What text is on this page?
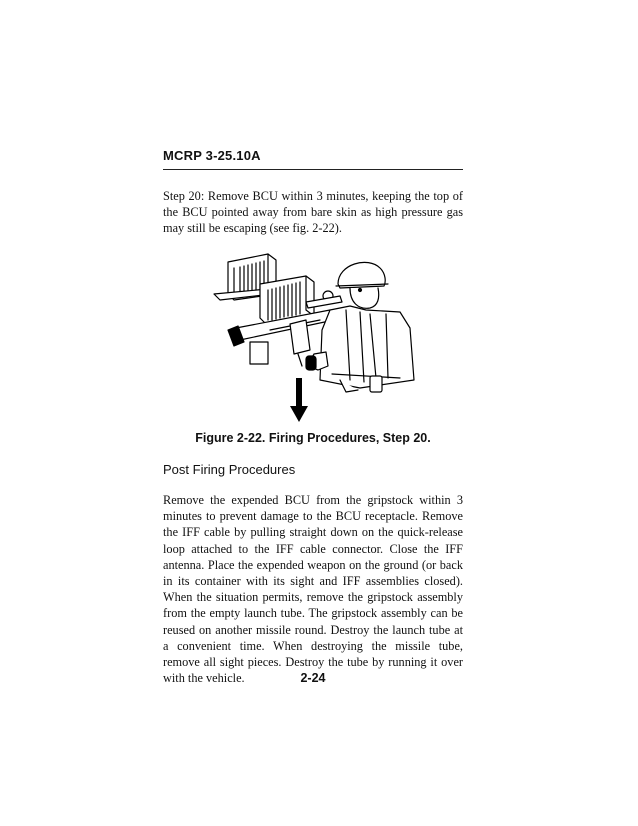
MCRP 3-25.10A

Step 20: Remove BCU within 3 minutes, keeping the top of the BCU pointed away from bare skin as high pressure gas may still be escaping (see fig. 2-22).

Figure 2-22. Firing Procedures, Step 20.
Post Firing Procedures

Remove the expended BCU from the gripstock within 3 minutes to prevent damage to the BCU receptacle. Remove the IFF cable by pulling straight down on the quick-release loop attached to the IFF cable connector. Close the IFF antenna. Place the expended weapon on the ground (or back in its container with its sight and IFF assemblies closed). When the situation permits, remove the gripstock assembly from the empty launch tube. The gripstock assembly can be reused on another missile round. Destroy the launch tube at a convenient time. When destroying the missile tube, remove all sight pieces. Destroy the tube by running it over with the vehicle.	2-24
